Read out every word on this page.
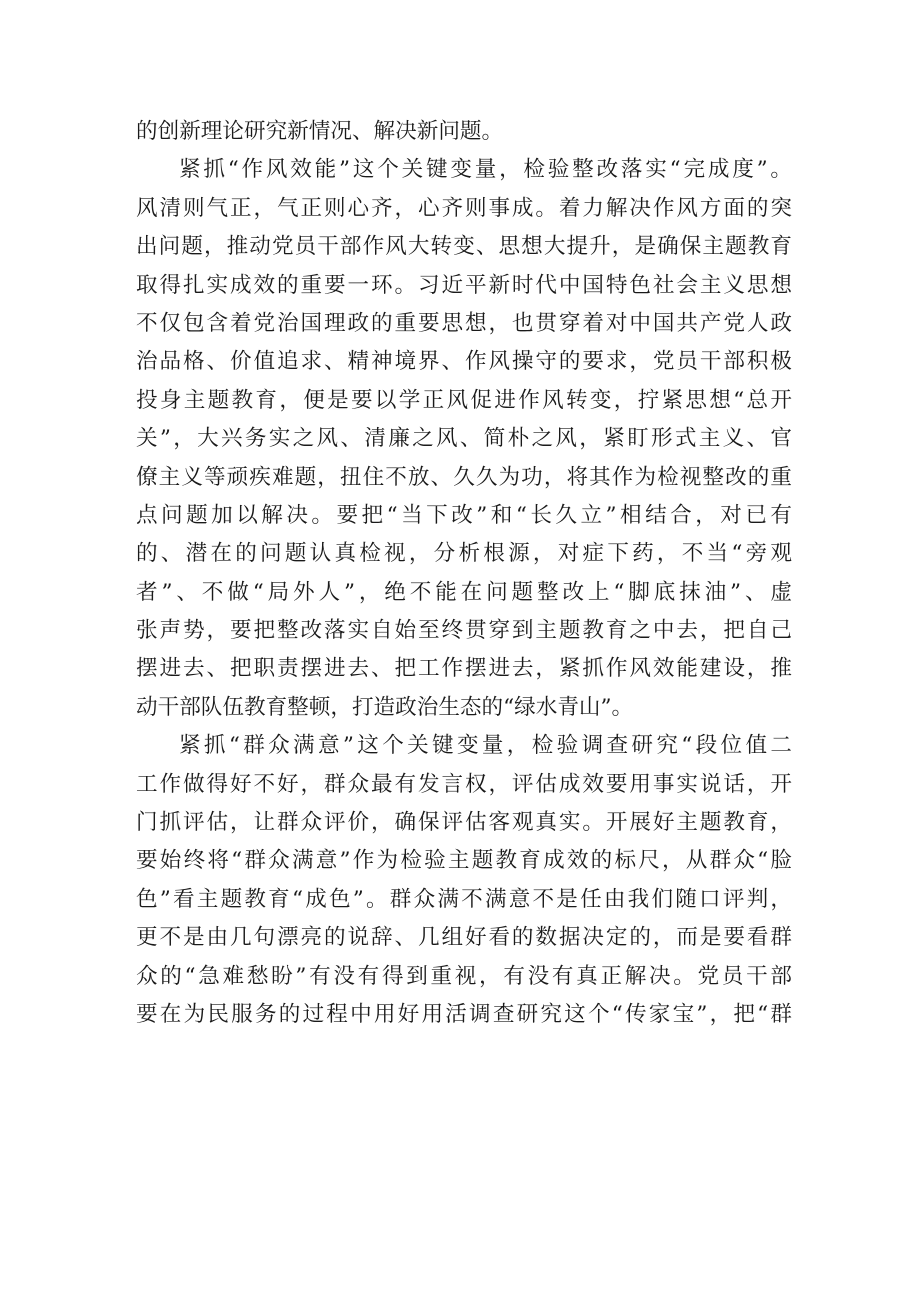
的创新理论研究新情况、解决新问题。
紧抓“作风效能”这个关键变量，检验整改落实“完成度”。
风清则气正，气正则心齐，心齐则事成。着力解决作风方面的突
出问题，推动党员干部作风大转变、思想大提升，是确保主题教育
取得扎实成效的重要一环。习近平新时代中国特色社会主义思想
不仅包含着党治国理政的重要思想，也贯穿着对中国共产党人政
治品格、价值追求、精神境界、作风操守的要求，党员干部积极
投身主题教育，便是要以学正风促进作风转变，拧紧思想“总开
关”，大兴务实之风、清廉之风、简朴之风，紧盯形式主义、官
僚主义等顽疾难题，扭住不放、久久为功，将其作为检视整改的重
点问题加以解决。要把“当下改”和“长久立”相结合，对已有
的、潜在的问题认真检视，分析根源，对症下药，不当“旁观
者”、不做“局外人”，绝不能在问题整改上“脚底抹油”、虚
张声势，要把整改落实自始至终贯穿到主题教育之中去，把自己
摆进去、把职责摆进去、把工作摆进去，紧抓作风效能建设，推
动干部队伍教育整顿，打造政治生态的“绿水青山”。
紧抓“群众满意”这个关键变量，检验调查研究“段位值二
工作做得好不好，群众最有发言权，评估成效要用事实说话，开
门抓评估，让群众评价，确保评估客观真实。开展好主题教育，
要始终将“群众满意”作为检验主题教育成效的标尺，从群众“脸
色”看主题教育“成色”。群众满不满意不是任由我们随口评判，
更不是由几句漂亮的说辞、几组好看的数据决定的，而是要看群
众的“急难愁盼”有没有得到重视，有没有真正解决。党员干部
要在为民服务的过程中用好用活调查研究这个“传家宝”，把“群
